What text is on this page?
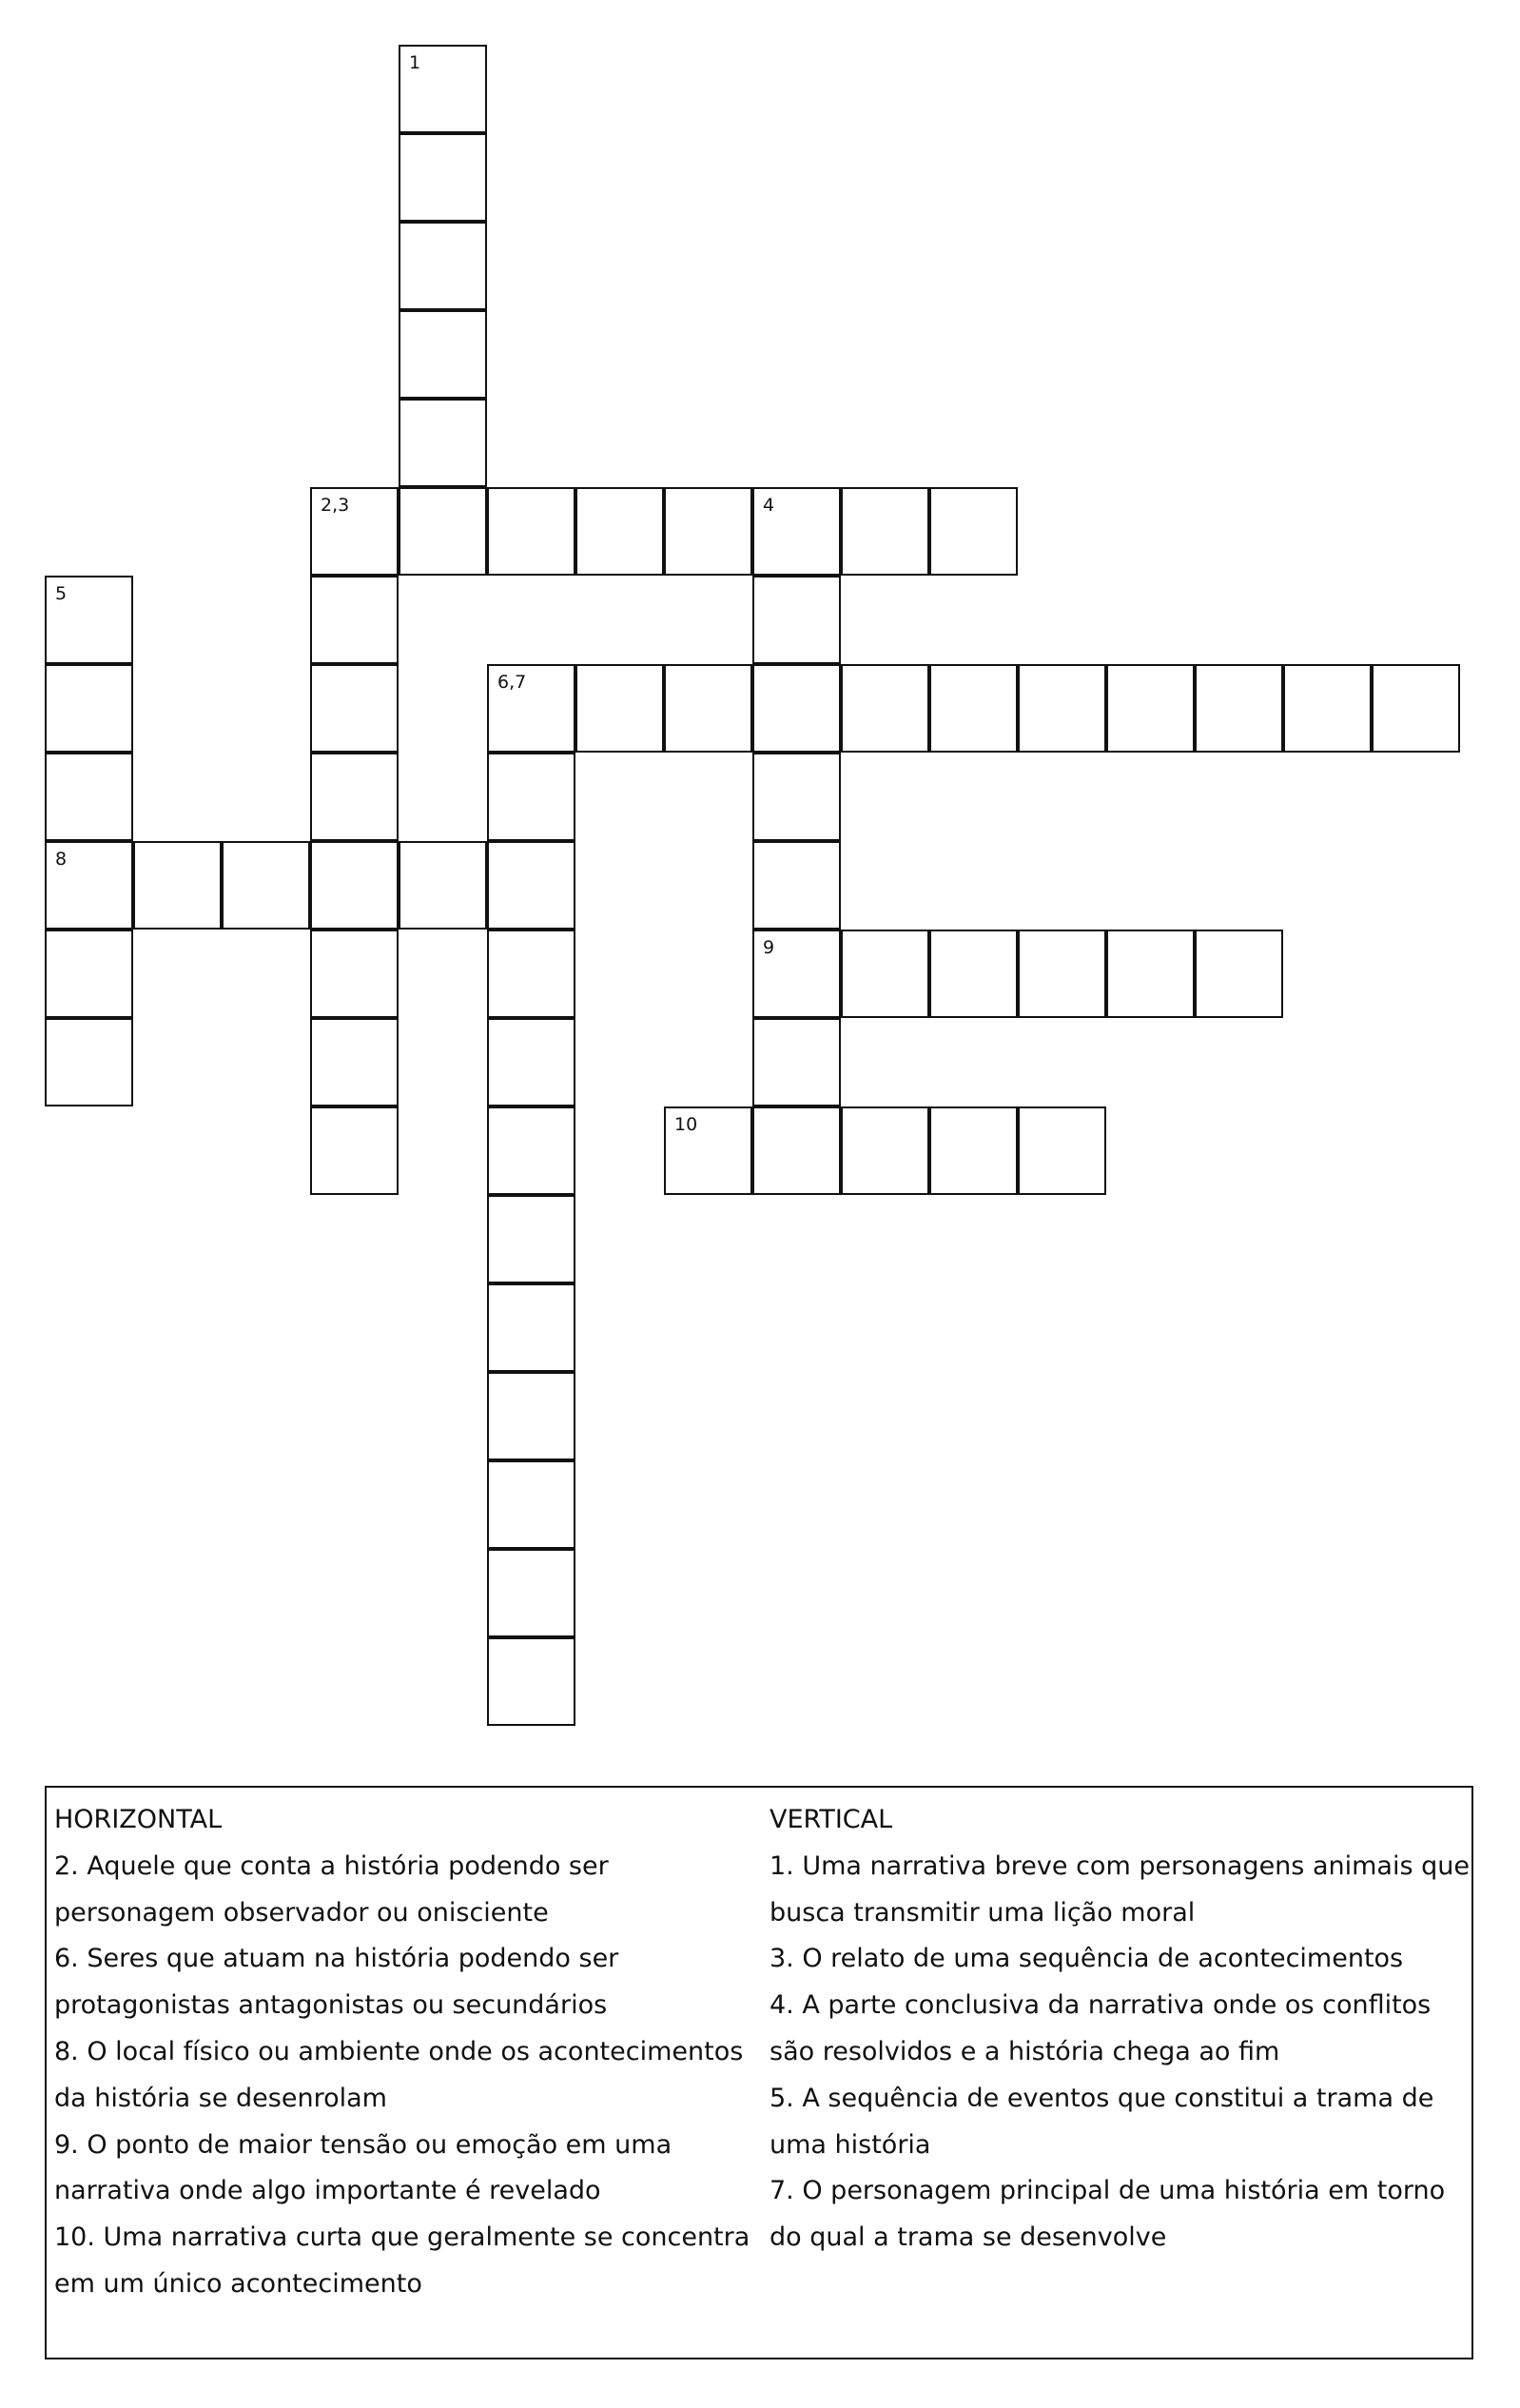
1
2,3	4
9
5
8
6,7
10
HORIZONTAL
2. Aquele que conta a história podendo ser
personagem observador ou onisciente
6. Seres que atuam na história podendo ser
protagonistas antagonistas ou secundários
8. O local físico ou ambiente onde os acontecimentos
da história se desenrolam
9. O ponto de maior tensão ou emoção em uma
narrativa onde algo importante é revelado
10. Uma narrativa curta que geralmente se concentra
em um único acontecimento
VERTICAL
1. Uma narrativa breve com personagens animais que
busca transmitir uma lição moral
3. O relato de uma sequência de acontecimentos
4. A parte conclusiva da narrativa onde os conflitos
são resolvidos e a história chega ao fim
5. A sequência de eventos que constitui a trama de
uma história
7. O personagem principal de uma história em torno
do qual a trama se desenvolve
